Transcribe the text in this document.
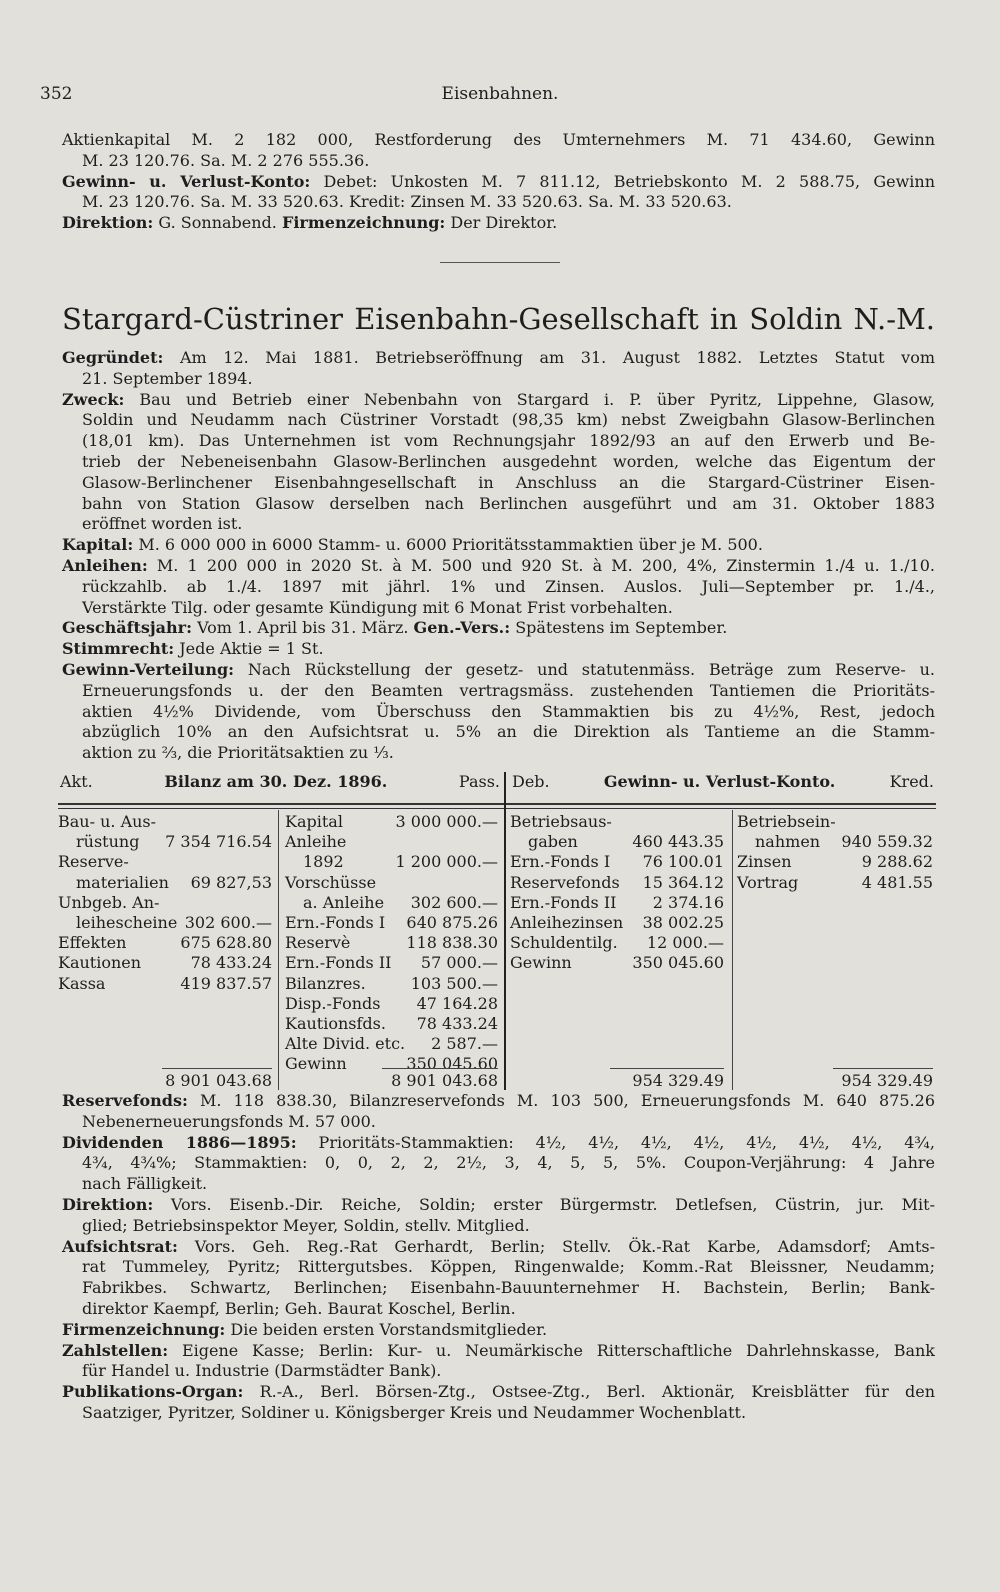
352	Eisenbahnen.
Aktienkapital M. 2 182 000, Restforderung des Umternehmers M. 71 434.60, Gewinn
M. 23 120.76. Sa. M. 2 276 555.36.
Gewinn- u. Verlust-Konto: Debet: Unkosten M. 7 811.12, Betriebskonto M. 2 588.75, Gewinn
M. 23 120.76. Sa. M. 33 520.63. Kredit: Zinsen M. 33 520.63. Sa. M. 33 520.63.
Direktion: G. Sonnabend. Firmenzeichnung: Der Direktor.
Stargard-Cüstriner Eisenbahn-Gesellschaft in Soldin N.-M.
Gegründet: Am 12. Mai 1881. Betriebseröffnung am 31. August 1882. Letztes Statut vom
21. September 1894.
Zweck: Bau und Betrieb einer Nebenbahn von Stargard i. P. über Pyritz, Lippehne, Glasow,
Soldin und Neudamm nach Cüstriner Vorstadt (98,35 km) nebst Zweigbahn Glasow-Berlinchen
(18,01 km). Das Unternehmen ist vom Rechnungsjahr 1892/93 an auf den Erwerb und Be-
trieb der Nebeneisenbahn Glasow-Berlinchen ausgedehnt worden, welche das Eigentum der
Glasow-Berlinchener Eisenbahngesellschaft in Anschluss an die Stargard-Cüstriner Eisen-
bahn von Station Glasow derselben nach Berlinchen ausgeführt und am 31. Oktober 1883
eröffnet worden ist.
Kapital: M. 6 000 000 in 6000 Stamm- u. 6000 Prioritätsstammaktien über je M. 500.
Anleihen: M. 1 200 000 in 2020 St. à M. 500 und 920 St. à M. 200, 4%, Zinstermin 1./4 u. 1./10.
rückzahlb. ab 1./4. 1897 mit jährl. 1% und Zinsen. Auslos. Juli—September pr. 1./4.,
Verstärkte Tilg. oder gesamte Kündigung mit 6 Monat Frist vorbehalten.
Geschäftsjahr: Vom 1. April bis 31. März. Gen.-Vers.: Spätestens im September.
Stimmrecht: Jede Aktie = 1 St.
Gewinn-Verteilung: Nach Rückstellung der gesetz- und statutenmäss. Beträge zum Reserve- u.
Erneuerungsfonds u. der den Beamten vertragsmäss. zustehenden Tantiemen die Prioritäts-
aktien 4½% Dividende, vom Überschuss den Stammaktien bis zu 4½%, Rest, jedoch
abzüglich 10% an den Aufsichtsrat u. 5% an die Direktion als Tantieme an die Stamm-
aktion zu ⅔, die Prioritätsaktien zu ⅓.
Akt.	Bilanz am 30. Dez. 1896.	Pass. Deb.	Gewinn- u. Verlust-Konto.	Kred.
Bau- u. Aus-
rüstung 7 354 716.54
Reserve-
materialien 69 827,53
Unbgeb. An-
leihescheine 302 600.—
Effekten	675 628.80
Kautionen	78 433.24
Kassa	419 837.57
Kapital	3 000 000.—
Anleihe
1892	1 200 000.—
Vorschüsse
a. Anleihe 302 600.—
Ern.-Fonds I 640 875.26
Reservè	118 838.30
Ern.-Fonds II 57 000.—
Bilanzres.	103 500.—
Disp.-Fonds 47 164.28
Kautionsfds. 78 433.24
Alte Divid. etc. 2 587.—
Gewinn	350 045.60
Betriebsaus-
gaben	460 443.35
Ern.-Fonds I 76 100.01
Reservefonds 15 364.12
Ern.-Fonds II 2 374.16
Anleihezinsen 38 002.25
Schuldentilg. 12 000.—
Gewinn	350 045.60
Betriebsein-
nahmen 940 559.32
Zinsen	9 288.62
Vortrag	4 481.55
8 901 043.68	8 901 043.68	954 329.49	954 329.49
Reservefonds: M. 118 838.30, Bilanzreservefonds M. 103 500, Erneuerungsfonds M. 640 875.26
Nebenerneuerungsfonds M. 57 000.
Dividenden 1886—1895: Prioritäts-Stammaktien: 4½, 4½, 4½, 4½, 4½, 4½, 4½, 4¾,
4¾, 4¾%; Stammaktien: 0, 0, 2, 2, 2½, 3, 4, 5, 5, 5%. Coupon-Verjährung: 4 Jahre
nach Fälligkeit.
Direktion: Vors. Eisenb.-Dir. Reiche, Soldin; erster Bürgermstr. Detlefsen, Cüstrin, jur. Mit-
glied; Betriebsinspektor Meyer, Soldin, stellv. Mitglied.
Aufsichtsrat: Vors. Geh. Reg.-Rat Gerhardt, Berlin; Stellv. Ök.-Rat Karbe, Adamsdorf; Amts-
rat Tummeley, Pyritz; Rittergutsbes. Köppen, Ringenwalde; Komm.-Rat Bleissner, Neudamm;
Fabrikbes. Schwartz, Berlinchen; Eisenbahn-Bauunternehmer H. Bachstein, Berlin; Bank-
direktor Kaempf, Berlin; Geh. Baurat Koschel, Berlin.
Firmenzeichnung: Die beiden ersten Vorstandsmitglieder.
Zahlstellen: Eigene Kasse; Berlin: Kur- u. Neumärkische Ritterschaftliche Dahrlehnskasse, Bank
für Handel u. Industrie (Darmstädter Bank).
Publikations-Organ: R.-A., Berl. Börsen-Ztg., Ostsee-Ztg., Berl. Aktionär, Kreisblätter für den
Saatziger, Pyritzer, Soldiner u. Königsberger Kreis und Neudammer Wochenblatt.
